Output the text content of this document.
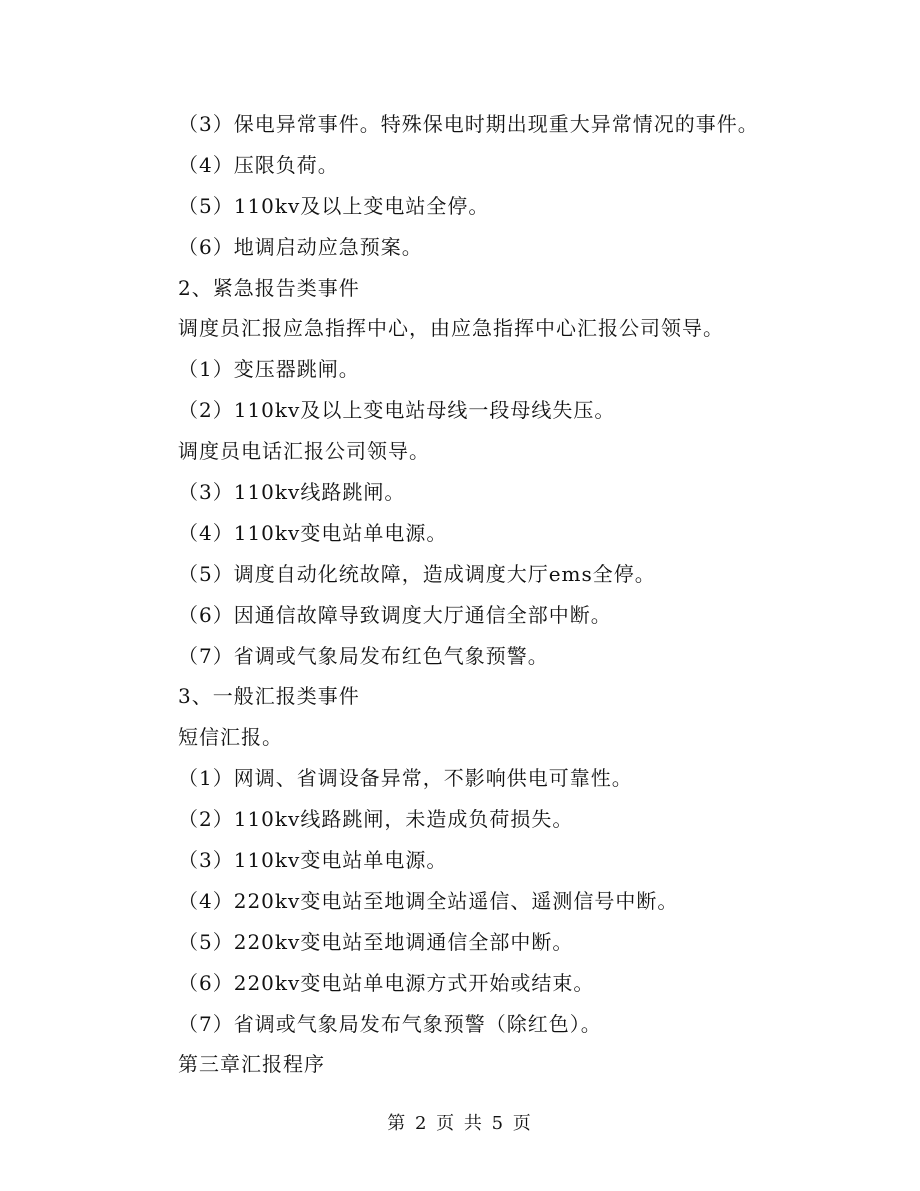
（3）保电异常事件。特殊保电时期出现重大异常情况的事件。
（4）压限负荷。
（5）110kv及以上变电站全停。
（6）地调启动应急预案。
2、紧急报告类事件
调度员汇报应急指挥中心，由应急指挥中心汇报公司领导。
（1）变压器跳闸。
（2）110kv及以上变电站母线一段母线失压。
调度员电话汇报公司领导。
（3）110kv线路跳闸。
（4）110kv变电站单电源。
（5）调度自动化统故障，造成调度大厅ems全停。
（6）因通信故障导致调度大厅通信全部中断。
（7）省调或气象局发布红色气象预警。
3、一般汇报类事件
短信汇报。
（1）网调、省调设备异常，不影响供电可靠性。
（2）110kv线路跳闸，未造成负荷损失。
（3）110kv变电站单电源。
（4）220kv变电站至地调全站遥信、遥测信号中断。
（5）220kv变电站至地调通信全部中断。
（6）220kv变电站单电源方式开始或结束。
（7）省调或气象局发布气象预警（除红色）。
第三章汇报程序
第 2 页 共 5 页
